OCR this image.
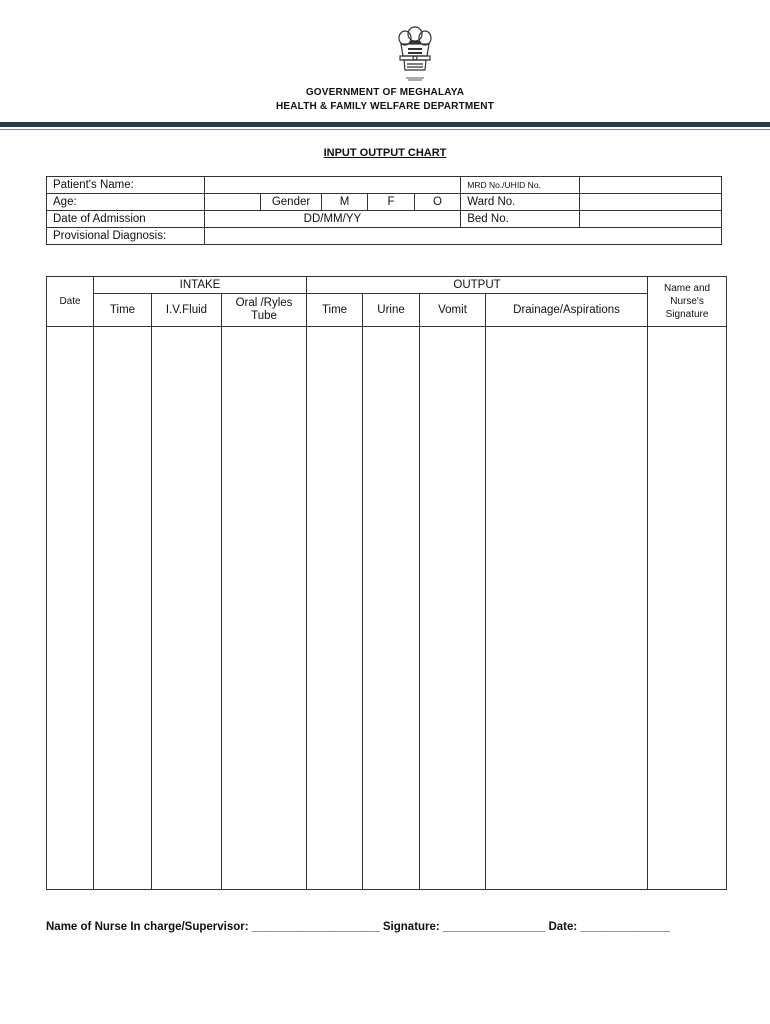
GOVERNMENT OF MEGHALAYA
HEALTH & FAMILY WELFARE DEPARTMENT
INPUT OUTPUT CHART
Patient's Name:						MRD No./UHID No.	
Age:		Gender	M	F	O	Ward No.	
Date of Admission	DD/MM/YY					Bed No.	
Provisional Diagnosis:							
Date	INTAKE			OUTPUT				Name and Nurse's Signature
	Time	I.V.Fluid	Oral /Ryles Tube	Time	Urine	Vomit	Drainage/Aspirations	

Name of Nurse In charge/Supervisor: ____________________ Signature: ________________ Date: ______________
